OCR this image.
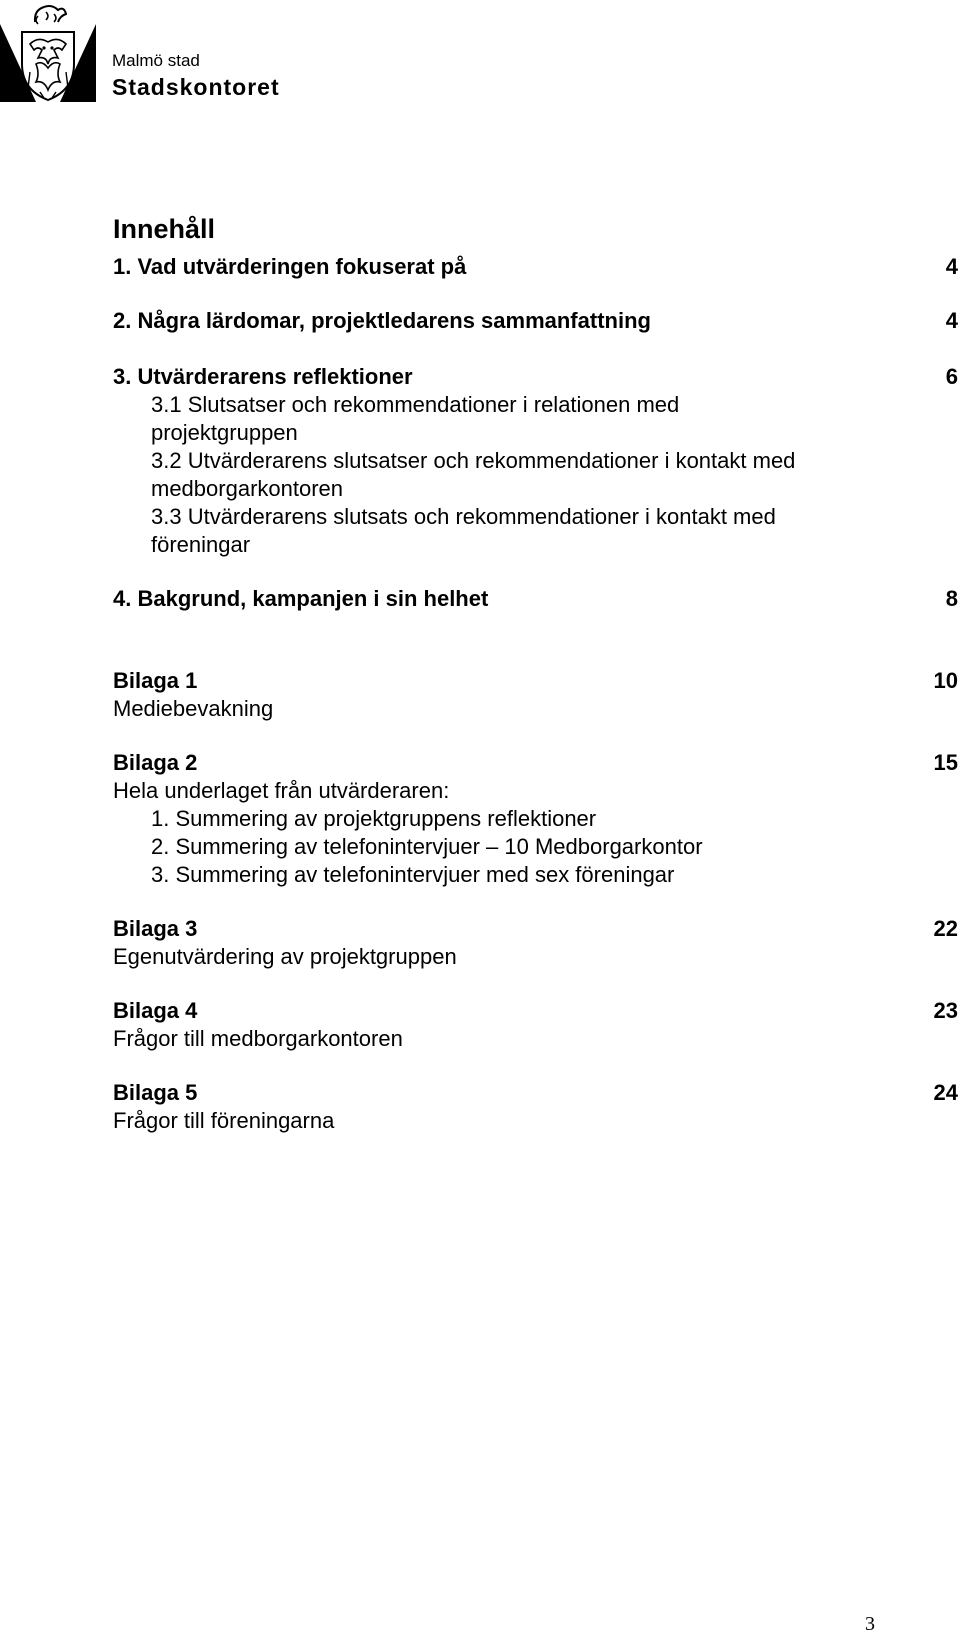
Malmö stad
Stadskontoret
Innehåll
1. Vad utvärderingen fokuserat på	4
2. Några lärdomar, projektledarens sammanfattning	4
3. Utvärderarens reflektioner	6
3.1 Slutsatser och rekommendationer i relationen med
projektgruppen
3.2 Utvärderarens slutsatser och rekommendationer i kontakt med
medborgarkontoren
3.3 Utvärderarens slutsats och rekommendationer i kontakt med
föreningar
4. Bakgrund, kampanjen i sin helhet	8
Bilaga 1	10
Mediebevakning
Bilaga 2	15
Hela underlaget från utvärderaren:
1. Summering av projektgruppens reflektioner
2. Summering av telefonintervjuer – 10 Medborgarkontor
3. Summering av telefonintervjuer med sex föreningar
Bilaga 3	22
Egenutvärdering av projektgruppen
Bilaga 4	23
Frågor till medborgarkontoren
Bilaga 5	24
Frågor till föreningarna
3
